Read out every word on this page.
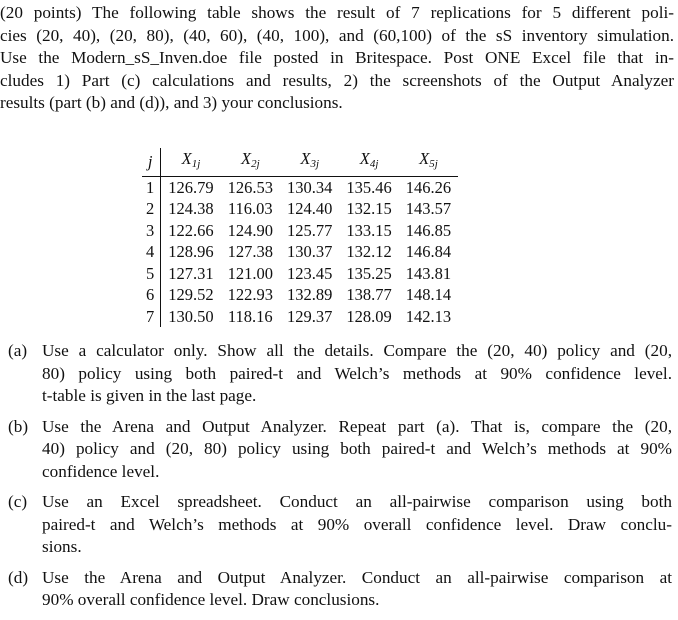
(20 points) The following table shows the result of 7 replications for 5 different poli-
cies (20, 40), (20, 80), (40, 60), (40, 100), and (60,100) of the sS inventory simulation.
Use the Modern_sS_Inven.doe file posted in Britespace. Post ONE Excel file that in-
cludes 1) Part (c) calculations and results, 2) the screenshots of the Output Analyzer
results (part (b) and (d)), and 3) your conclusions.
j	$X_{1j}$	$X_{2j}$	$X_{3j}$	$X_{4j}$	$X_{5j}$
1	126.79	126.53	130.34	135.46	146.26
2	124.38	116.03	124.40	132.15	143.57
3	122.66	124.90	125.77	133.15	146.85
4	128.96	127.38	130.37	132.12	146.84
5	127.31	121.00	123.45	135.25	143.81
6	129.52	122.93	132.89	138.77	148.14
7	130.50	118.16	129.37	128.09	142.13
(a) Use a calculator only. Show all the details. Compare the (20, 40) policy and (20,
80) policy using both paired-t and Welch’s methods at 90% confidence level.
t-table is given in the last page.
(b) Use the Arena and Output Analyzer. Repeat part (a). That is, compare the (20,
40) policy and (20, 80) policy using both paired-t and Welch’s methods at 90%
confidence level.
(c) Use an Excel spreadsheet. Conduct an all-pairwise comparison using both
paired-t and Welch’s methods at 90% overall confidence level. Draw conclu-
sions.
(d) Use the Arena and Output Analyzer. Conduct an all-pairwise comparison at
90% overall confidence level. Draw conclusions.
